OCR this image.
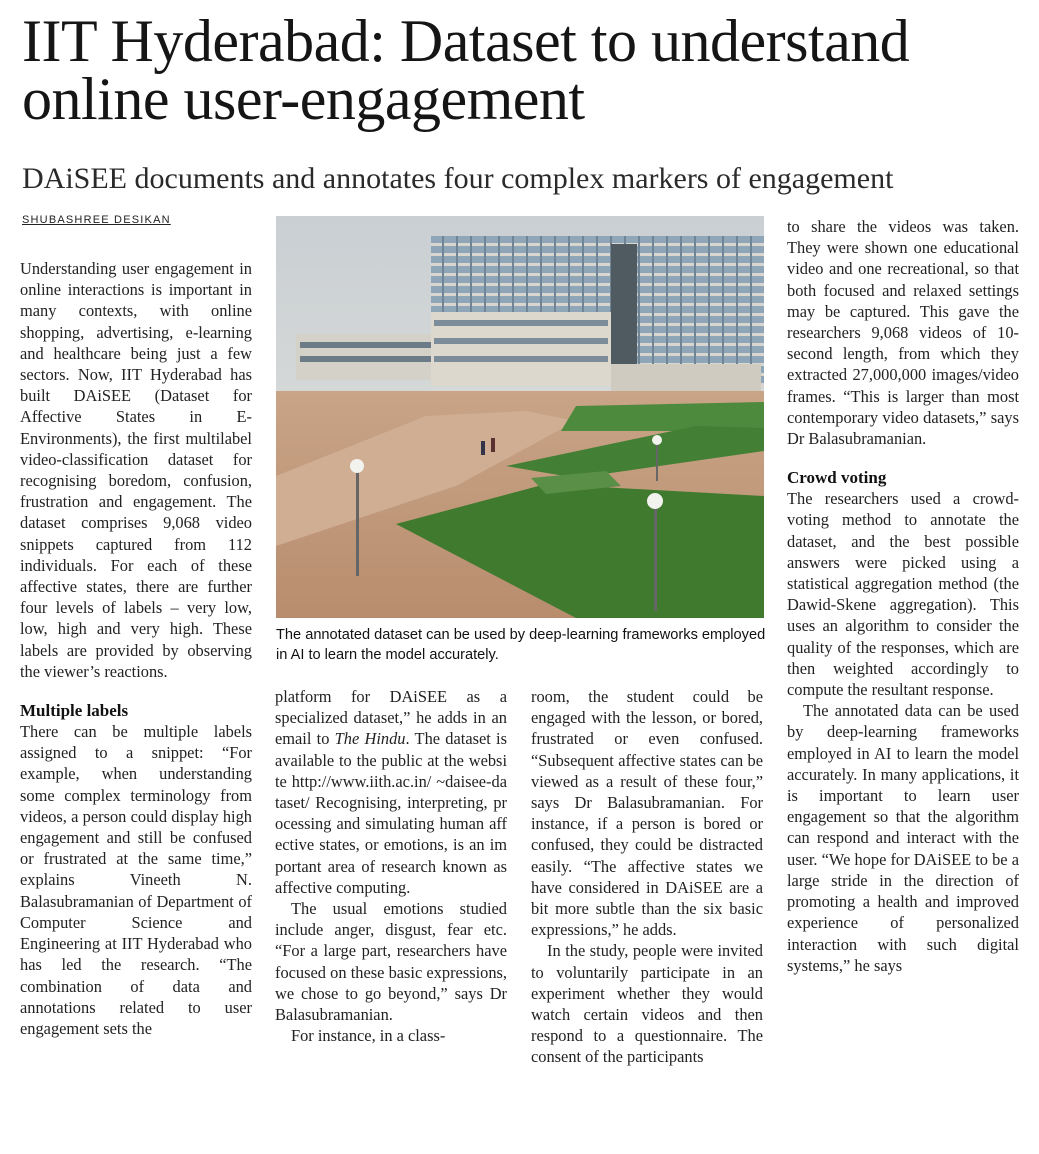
IIT Hyderabad: Dataset to understand online user-engagement
DAiSEE documents and annotates four complex markers of engagement
SHUBASHREE DESIKAN

Understanding user engagement in online interactions is important in many contexts, with online shopping, advertising, e-learning and healthcare being just a few sectors. Now, IIT Hyderabad has built DAiSEE (Dataset for Affective States in E-Environments), the first multilabel video-classification dataset for recognising boredom, confusion, frustration and engagement. The dataset comprises 9,068 video snippets captured from 112 individuals. For each of these affective states, there are further four levels of labels – very low, low, high and very high. These labels are provided by observing the viewer’s reactions.

Multiple labels

There can be multiple labels assigned to a snippet: “For example, when understanding some complex terminology from videos, a person could display high engagement and still be confused or frustrated at the same time,” explains Vineeth N. Balasubramanian of Department of Computer Science and Engineering at IIT Hyderabad who has led the research. “The combination of data and annotations related to user engagement sets the

The annotated dataset can be used by deep-learning frameworks employed in AI to learn the model accurately.

platform for DAiSEE as a specialized dataset,” he adds in an email to The Hindu. The dataset is available to the public at the website http://www.iith.ac.in/ ~daisee-dataset/ Recognising, interpreting, processing and simulating human affective states, or emotions, is an important area of research known as affective computing.

The usual emotions studied include anger, disgust, fear etc. “For a large part, researchers have focused on these basic expressions, we chose to go beyond,” says Dr Balasubramanian.

For instance, in a class-

room, the student could be engaged with the lesson, or bored, frustrated or even confused. “Subsequent affective states can be viewed as a result of these four,” says Dr Balasubramanian. For instance, if a person is bored or confused, they could be distracted easily. “The affective states we have considered in DAiSEE are a bit more subtle than the six basic expressions,” he adds.

In the study, people were invited to voluntarily participate in an experiment whether they would watch certain videos and then respond to a questionnaire. The consent of the participants

to share the videos was taken. They were shown one educational video and one recreational, so that both focused and relaxed settings may be captured. This gave the researchers 9,068 videos of 10-second length, from which they extracted 27,000,000 images/video frames. “This is larger than most contemporary video datasets,” says Dr Balasubramanian.

Crowd voting

The researchers used a crowd-voting method to annotate the dataset, and the best possible answers were picked using a statistical aggregation method (the Dawid-Skene aggregation). This uses an algorithm to consider the quality of the responses, which are then weighted accordingly to compute the resultant response.

The annotated data can be used by deep-learning frameworks employed in AI to learn the model accurately. In many applications, it is important to learn user engagement so that the algorithm can respond and interact with the user. “We hope for DAiSEE to be a large stride in the direction of promoting a health and improved experience of personalized interaction with such digital systems,” he says
